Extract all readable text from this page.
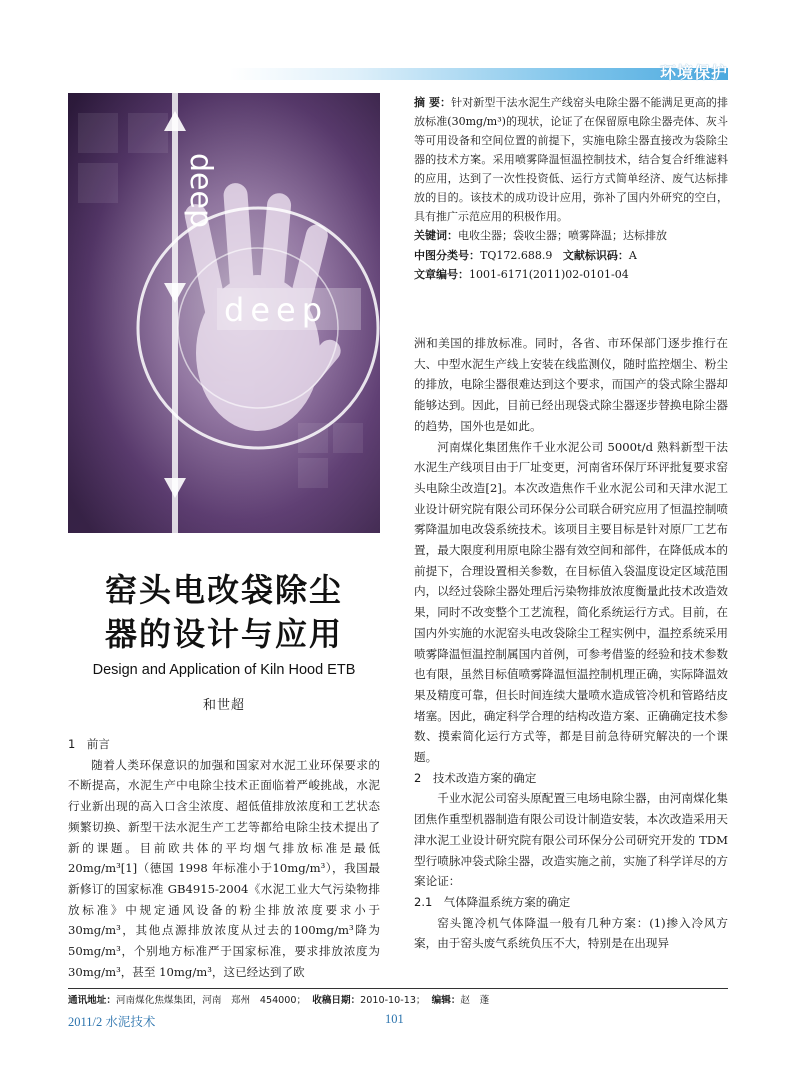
环境保护
deep
deep

摘 要：针对新型干法水泥生产线窑头电除尘器不能满足更高的排放标准(30mg/m³)的现状，论证了在保留原电除尘器壳体、灰斗等可用设备和空间位置的前提下，实施电除尘器直接改为袋除尘器的技术方案。采用喷雾降温恒温控制技术，结合复合纤维滤料的应用，达到了一次性投资低、运行方式简单经济、废气达标排放的目的。该技术的成功设计应用，弥补了国内外研究的空白，具有推广示范应用的积极作用。

关键词：电收尘器；袋收尘器；喷雾降温；达标排放

中图分类号：TQ172.688.9 文献标识码：A

文章编号：1001-6171(2011)02-0101-04

窑头电改袋除尘
器的设计与应用
Design and Application of Kiln Hood ETB
和世超

1　前言

随着人类环保意识的加强和国家对水泥工业环保要求的不断提高，水泥生产中电除尘技术正面临着严峻挑战，水泥行业新出现的高入口含尘浓度、超低值排放浓度和工艺状态频繁切换、新型干法水泥生产工艺等都给电除尘技术提出了新的课题。目前欧共体的平均烟气排放标准是最低 20mg/m³[1]（德国 1998 年标准小于10mg/m³），我国最新修订的国家标准 GB4915-2004《水泥工业大气污染物排放标准》中规定通风设备的粉尘排放浓度要求小于 30mg/m³，其他点源排放浓度从过去的100mg/m³降为 50mg/m³，个别地方标准严于国家标准，要求排放浓度为 30mg/m³，甚至 10mg/m³，这已经达到了欧

洲和美国的排放标准。同时，各省、市环保部门逐步推行在大、中型水泥生产线上安装在线监测仪，随时监控烟尘、粉尘的排放，电除尘器很难达到这个要求，而国产的袋式除尘器却能够达到。因此，目前已经出现袋式除尘器逐步替换电除尘器的趋势，国外也是如此。

河南煤化集团焦作千业水泥公司 5000t/d 熟料新型干法水泥生产线项目由于厂址变更，河南省环保厅环评批复要求窑头电除尘改造[2]。本次改造焦作千业水泥公司和天津水泥工业设计研究院有限公司环保分公司联合研究应用了恒温控制喷雾降温加电改袋系统技术。该项目主要目标是针对原厂工艺布置，最大限度利用原电除尘器有效空间和部件，在降低成本的前提下，合理设置相关参数，在目标值入袋温度设定区域范围内，以经过袋除尘器处理后污染物排放浓度衡量此技术改造效果，同时不改变整个工艺流程，简化系统运行方式。目前，在国内外实施的水泥窑头电改袋除尘工程实例中，温控系统采用喷雾降温恒温控制属国内首例，可参考借鉴的经验和技术参数也有限，虽然目标值喷雾降温恒温控制机理正确，实际降温效果及精度可靠，但长时间连续大量喷水造成管冷机和管路结皮堵塞。因此，确定科学合理的结构改造方案、正确确定技术参数、摸索简化运行方式等，都是目前急待研究解决的一个课题。

2　技术改造方案的确定

千业水泥公司窑头原配置三电场电除尘器，由河南煤化集团焦作重型机器制造有限公司设计制造安装，本次改造采用天津水泥工业设计研究院有限公司环保分公司研究开发的 TDM 型行喷脉冲袋式除尘器，改造实施之前，实施了科学详尽的方案论证：

2.1　气体降温系统方案的确定

窑头篦冷机气体降温一般有几种方案：(1)掺入冷风方案，由于窑头废气系统负压不大，特别是在出现异

通讯地址：河南煤化焦煤集团，河南　郑州　454000； 收稿日期：2010-10-13； 编辑：赵　蓬
2011/2 水泥技术	101
